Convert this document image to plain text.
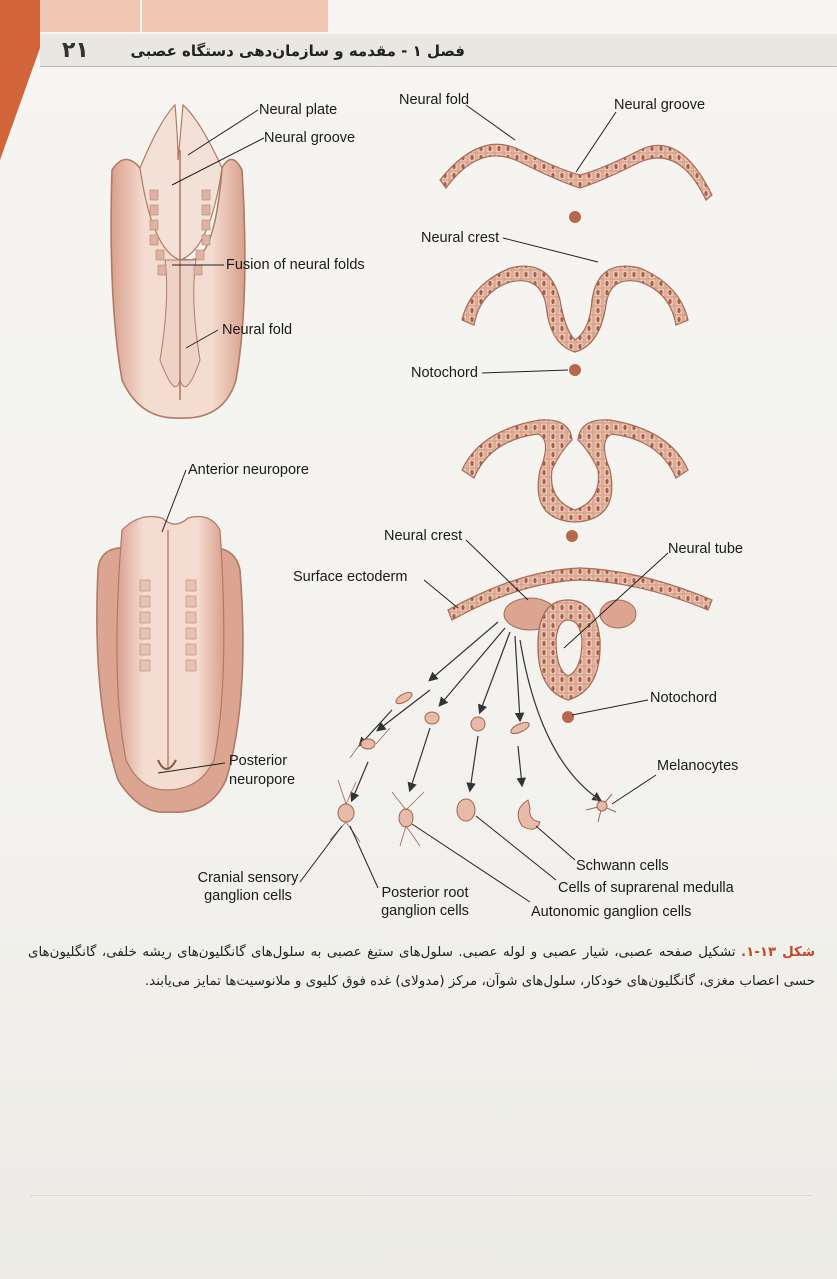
۲۱	فصل ۱ - مقدمه و سازمان‌دهی دستگاه عصبی
Neural plate
Neural groove
Fusion of neural folds
Neural fold
Anterior neuropore
Posterior
neuropore
Neural fold	Neural groove
Neural crest
Notochord
Neural crest
Neural tube
Surface ectoderm
Notochord
Melanocytes
Schwann cells
Cells of suprarenal medulla
Autonomic ganglion cells
Cranial sensory
ganglion cells	Posterior root
ganglion cells
شکل ۱۳-۱. تشکیل صفحه عصبی، شیار عصبی و لوله عصبی. سلول‌های ستیغ عصبی به سلول‌های گانگلیون‌های ریشه خلفی، گانگلیون‌های حسی اعصاب مغزی، گانگلیون‌های خودکار، سلول‌های شوآن، مرکز (مدولای) غده فوق کلیوی و ملانوسیت‌ها تمایز می‌یابند.
